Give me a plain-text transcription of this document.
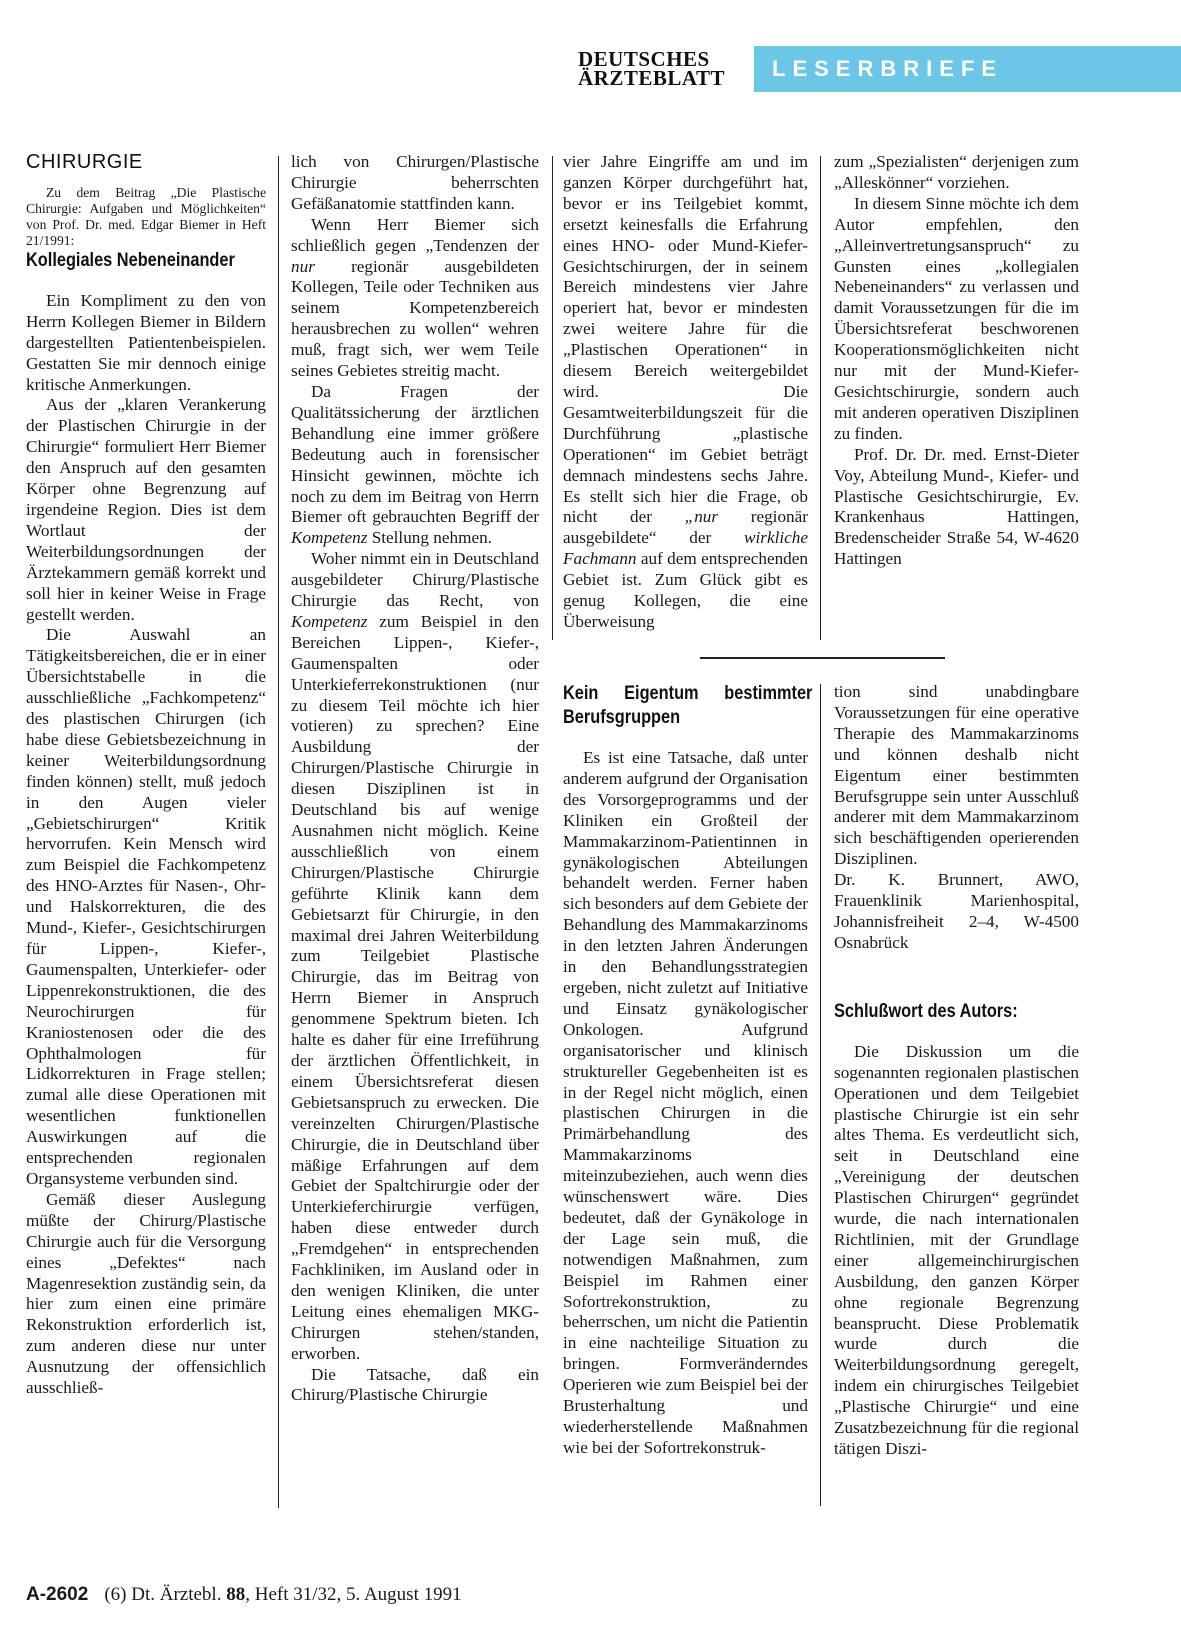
DEUTSCHES ÄRZTEBLATT	LESERBRIEFE
CHIRURGIE

Zu dem Beitrag „Die Plastische Chirurgie: Aufgaben und Möglichkeiten“ von Prof. Dr. med. Edgar Biemer in Heft 21/1991:

Kollegiales Nebeneinander

Ein Kompliment zu den von Herrn Kollegen Biemer in Bildern dargestellten Patientenbeispielen. Gestatten Sie mir dennoch einige kritische Anmerkungen.

Aus der „klaren Verankerung der Plastischen Chirurgie in der Chirurgie“ formuliert Herr Biemer den Anspruch auf den gesamten Körper ohne Begrenzung auf irgendeine Region. Dies ist dem Wortlaut der Weiterbildungsordnungen der Ärztekammern gemäß korrekt und soll hier in keiner Weise in Frage gestellt werden.

Die Auswahl an Tätigkeitsbereichen, die er in einer Übersichtstabelle in die ausschließliche „Fachkompetenz“ des plastischen Chirurgen (ich habe diese Gebietsbezeichnung in keiner Weiterbildungsordnung finden können) stellt, muß jedoch in den Augen vieler „Gebietschirurgen“ Kritik hervorrufen. Kein Mensch wird zum Beispiel die Fachkompetenz des HNO-Arztes für Nasen-, Ohr- und Halskorrekturen, die des Mund-, Kiefer-, Gesichtschirurgen für Lippen-, Kiefer-, Gaumenspalten, Unterkiefer- oder Lippenrekonstruktionen, die des Neurochirurgen für Kraniostenosen oder die des Ophthalmologen für Lidkorrekturen in Frage stellen; zumal alle diese Operationen mit wesentlichen funktionellen Auswirkungen auf die entsprechenden regionalen Organsysteme verbunden sind.

Gemäß dieser Auslegung müßte der Chirurg/Plastische Chirurgie auch für die Versorgung eines „Defektes“ nach Magenresektion zuständig sein, da hier zum einen eine primäre Rekonstruktion erforderlich ist, zum anderen diese nur unter Ausnutzung der offensichlich ausschließ-

lich von Chirurgen/Plastische Chirurgie beherrschten Gefäßanatomie stattfinden kann.

Wenn Herr Biemer sich schließlich gegen „Tendenzen der nur regionär ausgebildeten Kollegen, Teile oder Techniken aus seinem Kompetenzbereich herausbrechen zu wollen“ wehren muß, fragt sich, wer wem Teile seines Gebietes streitig macht.

Da Fragen der Qualitätssicherung der ärztlichen Behandlung eine immer größere Bedeutung auch in forensischer Hinsicht gewinnen, möchte ich noch zu dem im Beitrag von Herrn Biemer oft gebrauchten Begriff der Kompetenz Stellung nehmen.

Woher nimmt ein in Deutschland ausgebildeter Chirurg/Plastische Chirurgie das Recht, von Kompetenz zum Beispiel in den Bereichen Lippen-, Kiefer-, Gaumenspalten oder Unterkieferrekonstruktionen (nur zu diesem Teil möchte ich hier votieren) zu sprechen? Eine Ausbildung der Chirurgen/Plastische Chirurgie in diesen Disziplinen ist in Deutschland bis auf wenige Ausnahmen nicht möglich. Keine ausschließlich von einem Chirurgen/Plastische Chirurgie geführte Klinik kann dem Gebietsarzt für Chirurgie, in den maximal drei Jahren Weiterbildung zum Teilgebiet Plastische Chirurgie, das im Beitrag von Herrn Biemer in Anspruch genommene Spektrum bieten. Ich halte es daher für eine Irreführung der ärztlichen Öffentlichkeit, in einem Übersichtsreferat diesen Gebietsanspruch zu erwecken. Die vereinzelten Chirurgen/Plastische Chirurgie, die in Deutschland über mäßige Erfahrungen auf dem Gebiet der Spaltchirurgie oder der Unterkieferchirurgie verfügen, haben diese entweder durch „Fremdgehen“ in entsprechenden Fachkliniken, im Ausland oder in den wenigen Kliniken, die unter Leitung eines ehemaligen MKG-Chirurgen stehen/standen, erworben.

Die Tatsache, daß ein Chirurg/Plastische Chirurgie

vier Jahre Eingriffe am und im ganzen Körper durchgeführt hat, bevor er ins Teilgebiet kommt, ersetzt keinesfalls die Erfahrung eines HNO- oder Mund-Kiefer-Gesichtschirurgen, der in seinem Bereich mindestens vier Jahre operiert hat, bevor er mindesten zwei weitere Jahre für die „Plastischen Operationen“ in diesem Bereich weitergebildet wird. Die Gesamtweiterbildungszeit für die Durchführung „plastische Operationen“ im Gebiet beträgt demnach mindestens sechs Jahre. Es stellt sich hier die Frage, ob nicht der „nur regionär ausgebildete“ der wirkliche Fachmann auf dem entsprechenden Gebiet ist. Zum Glück gibt es genug Kollegen, die eine Überweisung

zum „Spezialisten“ derjenigen zum „Alleskönner“ vorziehen.

In diesem Sinne möchte ich dem Autor empfehlen, den „Alleinvertretungsanspruch“ zu Gunsten eines „kollegialen Nebeneinanders“ zu verlassen und damit Voraussetzungen für die im Übersichtsreferat beschworenen Kooperationsmöglichkeiten nicht nur mit der Mund-Kiefer-Gesichtschirurgie, sondern auch mit anderen operativen Disziplinen zu finden.

Prof. Dr. Dr. med. Ernst-Dieter Voy, Abteilung Mund-, Kiefer- und Plastische Gesichtschirurgie, Ev. Krankenhaus Hattingen, Bredenscheider Straße 54, W-4620 Hattingen

Kein Eigentum bestimmter Berufsgruppen

Es ist eine Tatsache, daß unter anderem aufgrund der Organisation des Vorsorgeprogramms und der Kliniken ein Großteil der Mammakarzinom-Patientinnen in gynäkologischen Abteilungen behandelt werden. Ferner haben sich besonders auf dem Gebiete der Behandlung des Mammakarzinoms in den letzten Jahren Änderungen in den Behandlungsstrategien ergeben, nicht zuletzt auf Initiative und Einsatz gynäkologischer Onkologen. Aufgrund organisatorischer und klinisch struktureller Gegebenheiten ist es in der Regel nicht möglich, einen plastischen Chirurgen in die Primärbehandlung des Mammakarzinoms miteinzubeziehen, auch wenn dies wünschenswert wäre. Dies bedeutet, daß der Gynäkologe in der Lage sein muß, die notwendigen Maßnahmen, zum Beispiel im Rahmen einer Sofortrekonstruktion, zu beherrschen, um nicht die Patientin in eine nachteilige Situation zu bringen. Formveränderndes Operieren wie zum Beispiel bei der Brusterhaltung und wiederherstellende Maßnahmen wie bei der Sofortrekonstruk-

tion sind unabdingbare Voraussetzungen für eine operative Therapie des Mammakarzinoms und können deshalb nicht Eigentum einer bestimmten Berufsgruppe sein unter Ausschluß anderer mit dem Mammakarzinom sich beschäftigenden operierenden Disziplinen.

Dr. K. Brunnert, AWO, Frauenklinik Marienhospital, Johannisfreiheit 2–4, W-4500 Osnabrück

Schlußwort des Autors:

Die Diskussion um die sogenannten regionalen plastischen Operationen und dem Teilgebiet plastische Chirurgie ist ein sehr altes Thema. Es verdeutlicht sich, seit in Deutschland eine „Vereinigung der deutschen Plastischen Chirurgen“ gegründet wurde, die nach internationalen Richtlinien, mit der Grundlage einer allgemeinchirurgischen Ausbildung, den ganzen Körper ohne regionale Begrenzung beansprucht. Diese Problematik wurde durch die Weiterbildungsordnung geregelt, indem ein chirurgisches Teilgebiet „Plastische Chirurgie“ und eine Zusatzbezeichnung für die regional tätigen Diszi-

A-2602 (6) Dt. Ärztebl. 88, Heft 31/32, 5. August 1991
